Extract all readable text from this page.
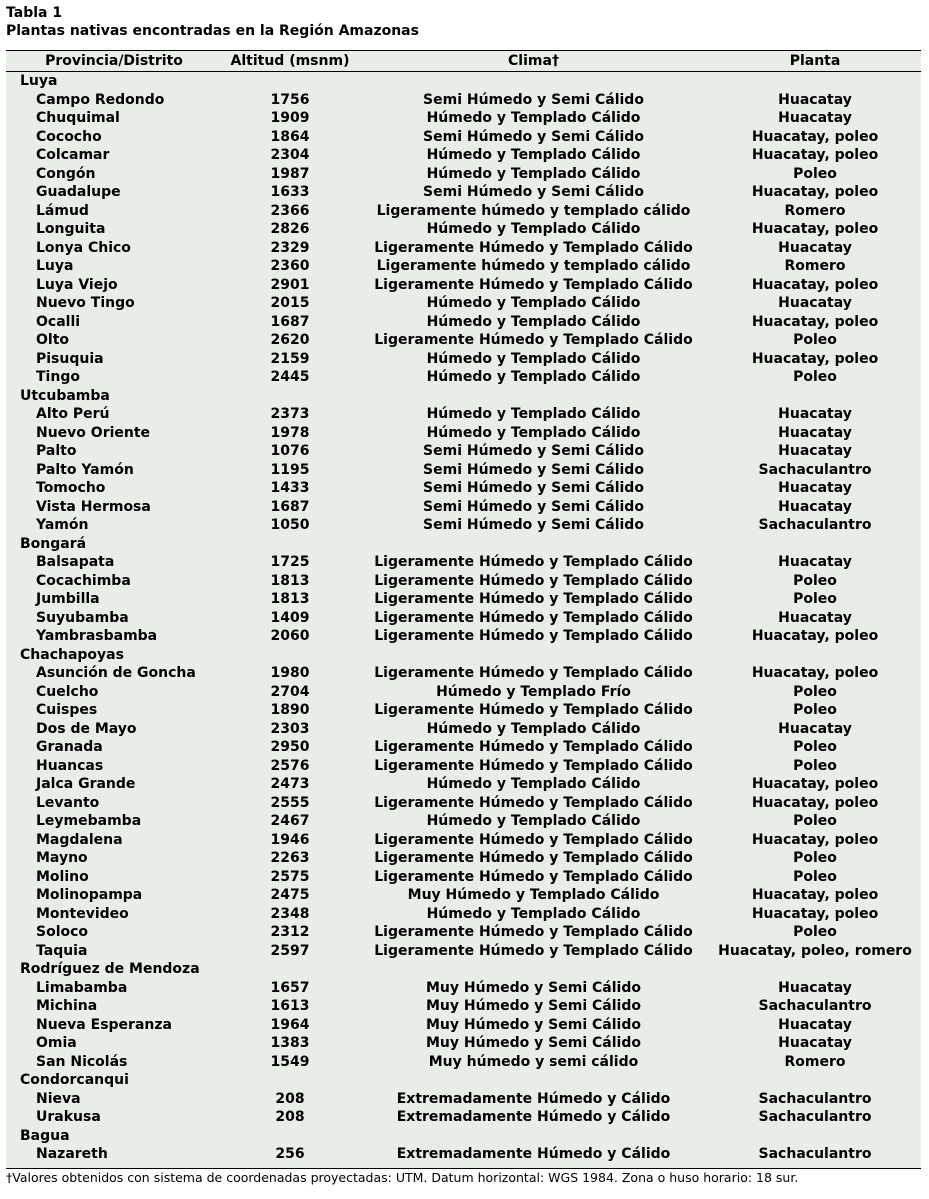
Tabla 1
Plantas nativas encontradas en la Región Amazonas
Provincia/Distrito	Altitud (msnm)	Clima†	Planta
Luya			
Campo Redondo	1756	Semi Húmedo y Semi Cálido	Huacatay
Chuquimal	1909	Húmedo y Templado Cálido	Huacatay
Cococho	1864	Semi Húmedo y Semi Cálido	Huacatay, poleo
Colcamar	2304	Húmedo y Templado Cálido	Huacatay, poleo
Congón	1987	Húmedo y Templado Cálido	Poleo
Guadalupe	1633	Semi Húmedo y Semi Cálido	Huacatay, poleo
Lámud	2366	Ligeramente húmedo y templado cálido	Romero
Longuita	2826	Húmedo y Templado Cálido	Huacatay, poleo
Lonya Chico	2329	Ligeramente Húmedo y Templado Cálido	Huacatay
Luya	2360	Ligeramente húmedo y templado cálido	Romero
Luya Viejo	2901	Ligeramente Húmedo y Templado Cálido	Huacatay, poleo
Nuevo Tingo	2015	Húmedo y Templado Cálido	Huacatay
Ocalli	1687	Húmedo y Templado Cálido	Huacatay, poleo
Olto	2620	Ligeramente Húmedo y Templado Cálido	Poleo
Pisuquia	2159	Húmedo y Templado Cálido	Huacatay, poleo
Tingo	2445	Húmedo y Templado Cálido	Poleo
Utcubamba			
Alto Perú	2373	Húmedo y Templado Cálido	Huacatay
Nuevo Oriente	1978	Húmedo y Templado Cálido	Huacatay
Palto	1076	Semi Húmedo y Semi Cálido	Huacatay
Palto Yamón	1195	Semi Húmedo y Semi Cálido	Sachaculantro
Tomocho	1433	Semi Húmedo y Semi Cálido	Huacatay
Vista Hermosa	1687	Semi Húmedo y Semi Cálido	Huacatay
Yamón	1050	Semi Húmedo y Semi Cálido	Sachaculantro
Bongará			
Balsapata	1725	Ligeramente Húmedo y Templado Cálido	Huacatay
Cocachimba	1813	Ligeramente Húmedo y Templado Cálido	Poleo
Jumbilla	1813	Ligeramente Húmedo y Templado Cálido	Poleo
Suyubamba	1409	Ligeramente Húmedo y Templado Cálido	Huacatay
Yambrasbamba	2060	Ligeramente Húmedo y Templado Cálido	Huacatay, poleo
Chachapoyas			
Asunción de Goncha	1980	Ligeramente Húmedo y Templado Cálido	Huacatay, poleo
Cuelcho	2704	Húmedo y Templado Frío	Poleo
Cuispes	1890	Ligeramente Húmedo y Templado Cálido	Poleo
Dos de Mayo	2303	Húmedo y Templado Cálido	Huacatay
Granada	2950	Ligeramente Húmedo y Templado Cálido	Poleo
Huancas	2576	Ligeramente Húmedo y Templado Cálido	Poleo
Jalca Grande	2473	Húmedo y Templado Cálido	Huacatay, poleo
Levanto	2555	Ligeramente Húmedo y Templado Cálido	Huacatay, poleo
Leymebamba	2467	Húmedo y Templado Cálido	Poleo
Magdalena	1946	Ligeramente Húmedo y Templado Cálido	Huacatay, poleo
Mayno	2263	Ligeramente Húmedo y Templado Cálido	Poleo
Molino	2575	Ligeramente Húmedo y Templado Cálido	Poleo
Molinopampa	2475	Muy Húmedo y Templado Cálido	Huacatay, poleo
Montevideo	2348	Húmedo y Templado Cálido	Huacatay, poleo
Soloco	2312	Ligeramente Húmedo y Templado Cálido	Poleo
Taquia	2597	Ligeramente Húmedo y Templado Cálido	Huacatay, poleo, romero
Rodríguez de Mendoza			
Limabamba	1657	Muy Húmedo y Semi Cálido	Huacatay
Michina	1613	Muy Húmedo y Semi Cálido	Sachaculantro
Nueva Esperanza	1964	Muy Húmedo y Semi Cálido	Huacatay
Omia	1383	Muy Húmedo y Semi Cálido	Huacatay
San Nicolás	1549	Muy húmedo y semi cálido	Romero
Condorcanqui			
Nieva	208	Extremadamente Húmedo y Cálido	Sachaculantro
Urakusa	208	Extremadamente Húmedo y Cálido	Sachaculantro
Bagua			
Nazareth	256	Extremadamente Húmedo y Cálido	Sachaculantro
†Valores obtenidos con sistema de coordenadas proyectadas: UTM. Datum horizontal: WGS 1984. Zona o huso horario: 18 sur.
